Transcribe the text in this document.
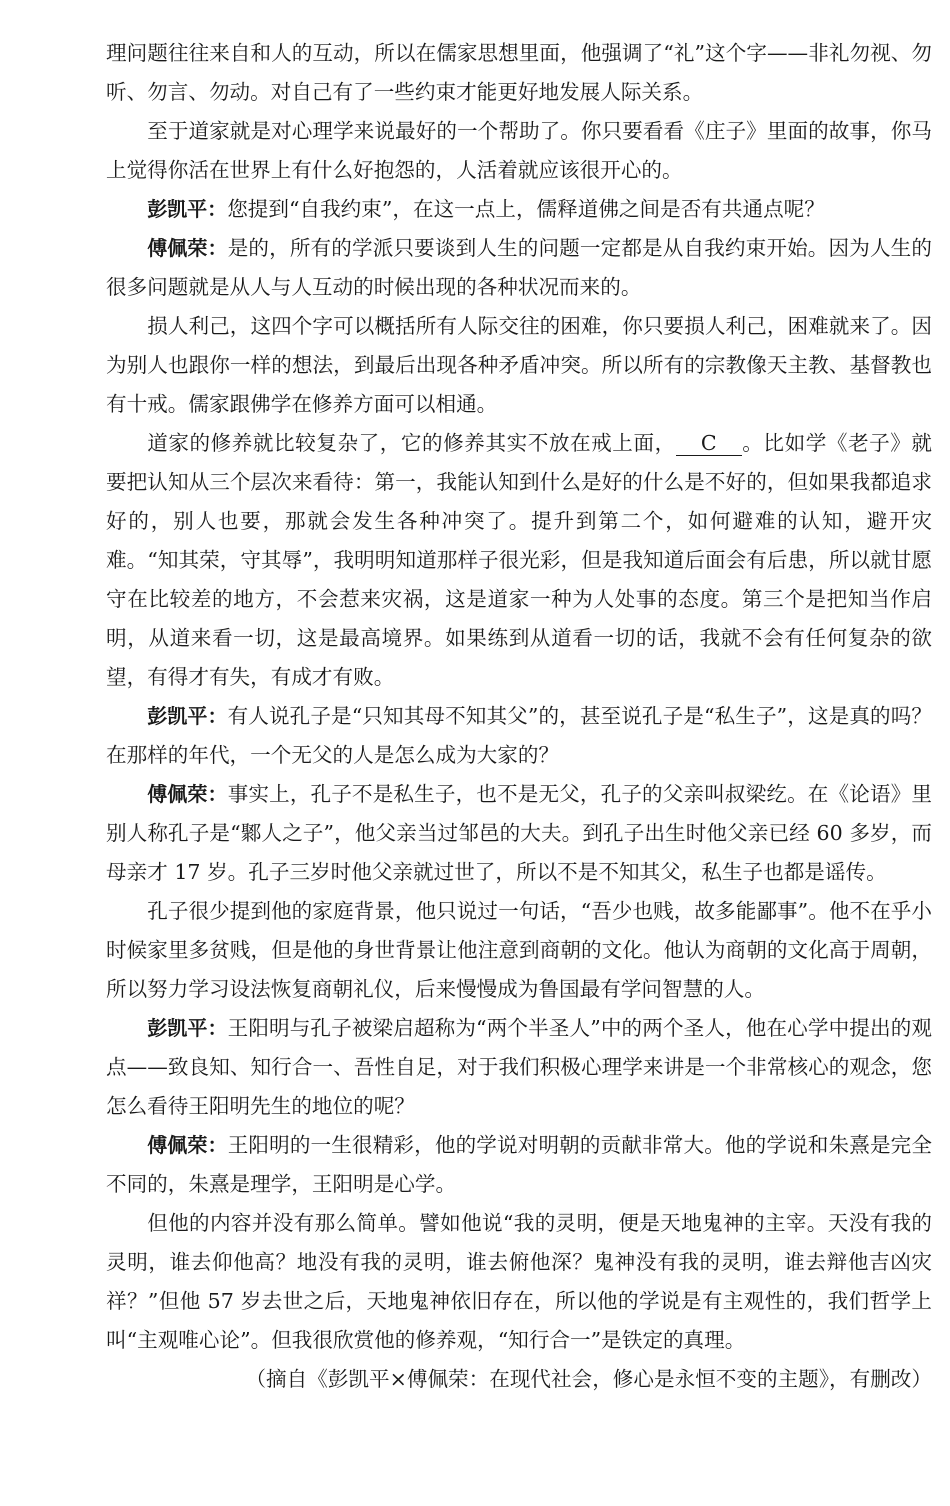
理问题往往来自和人的互动，所以在儒家思想里面，他强调了“礼”这个字——非礼勿视、勿听、勿言、勿动。对自己有了一些约束才能更好地发展人际关系。

至于道家就是对心理学来说最好的一个帮助了。你只要看看《庄子》里面的故事，你马上觉得你活在世界上有什么好抱怨的，人活着就应该很开心的。

彭凯平：您提到“自我约束”，在这一点上，儒释道佛之间是否有共通点呢？

傅佩荣：是的，所有的学派只要谈到人生的问题一定都是从自我约束开始。因为人生的很多问题就是从人与人互动的时候出现的各种状况而来的。

损人利己，这四个字可以概括所有人际交往的困难，你只要损人利己，困难就来了。因为别人也跟你一样的想法，到最后出现各种矛盾冲突。所以所有的宗教像天主教、基督教也有十戒。儒家跟佛学在修养方面可以相通。

道家的修养就比较复杂了，它的修养其实不放在戒上面， C 。比如学《老子》就要把认知从三个层次来看待：第一，我能认知到什么是好的什么是不好的，但如果我都追求好的，别人也要，那就会发生各种冲突了。提升到第二个，如何避难的认知，避开灾难。“知其荣，守其辱”，我明明知道那样子很光彩，但是我知道后面会有后患，所以就甘愿守在比较差的地方，不会惹来灾祸，这是道家一种为人处事的态度。第三个是把知当作启明，从道来看一切，这是最高境界。如果练到从道看一切的话，我就不会有任何复杂的欲望，有得才有失，有成才有败。

彭凯平：有人说孔子是“只知其母不知其父”的，甚至说孔子是“私生子”，这是真的吗？在那样的年代，一个无父的人是怎么成为大家的？

傅佩荣：事实上，孔子不是私生子，也不是无父，孔子的父亲叫叔梁纥。在《论语》里别人称孔子是“鄹人之子”，他父亲当过邹邑的大夫。到孔子出生时他父亲已经 60 多岁，而母亲才 17 岁。孔子三岁时他父亲就过世了，所以不是不知其父，私生子也都是谣传。

孔子很少提到他的家庭背景，他只说过一句话，“吾少也贱，故多能鄙事”。他不在乎小时候家里多贫贱，但是他的身世背景让他注意到商朝的文化。他认为商朝的文化高于周朝，所以努力学习设法恢复商朝礼仪，后来慢慢成为鲁国最有学问智慧的人。

彭凯平：王阳明与孔子被梁启超称为“两个半圣人”中的两个圣人，他在心学中提出的观点——致良知、知行合一、吾性自足，对于我们积极心理学来讲是一个非常核心的观念，您怎么看待王阳明先生的地位的呢？

傅佩荣：王阳明的一生很精彩，他的学说对明朝的贡献非常大。他的学说和朱熹是完全不同的，朱熹是理学，王阳明是心学。

但他的内容并没有那么简单。譬如他说“我的灵明，便是天地鬼神的主宰。天没有我的灵明，谁去仰他高？地没有我的灵明，谁去俯他深？鬼神没有我的灵明，谁去辩他吉凶灾祥？”但他 57 岁去世之后，天地鬼神依旧存在，所以他的学说是有主观性的，我们哲学上叫“主观唯心论”。但我很欣赏他的修养观，“知行合一”是铁定的真理。

（摘自《彭凯平×傅佩荣：在现代社会，修心是永恒不变的主题》，有删改）
